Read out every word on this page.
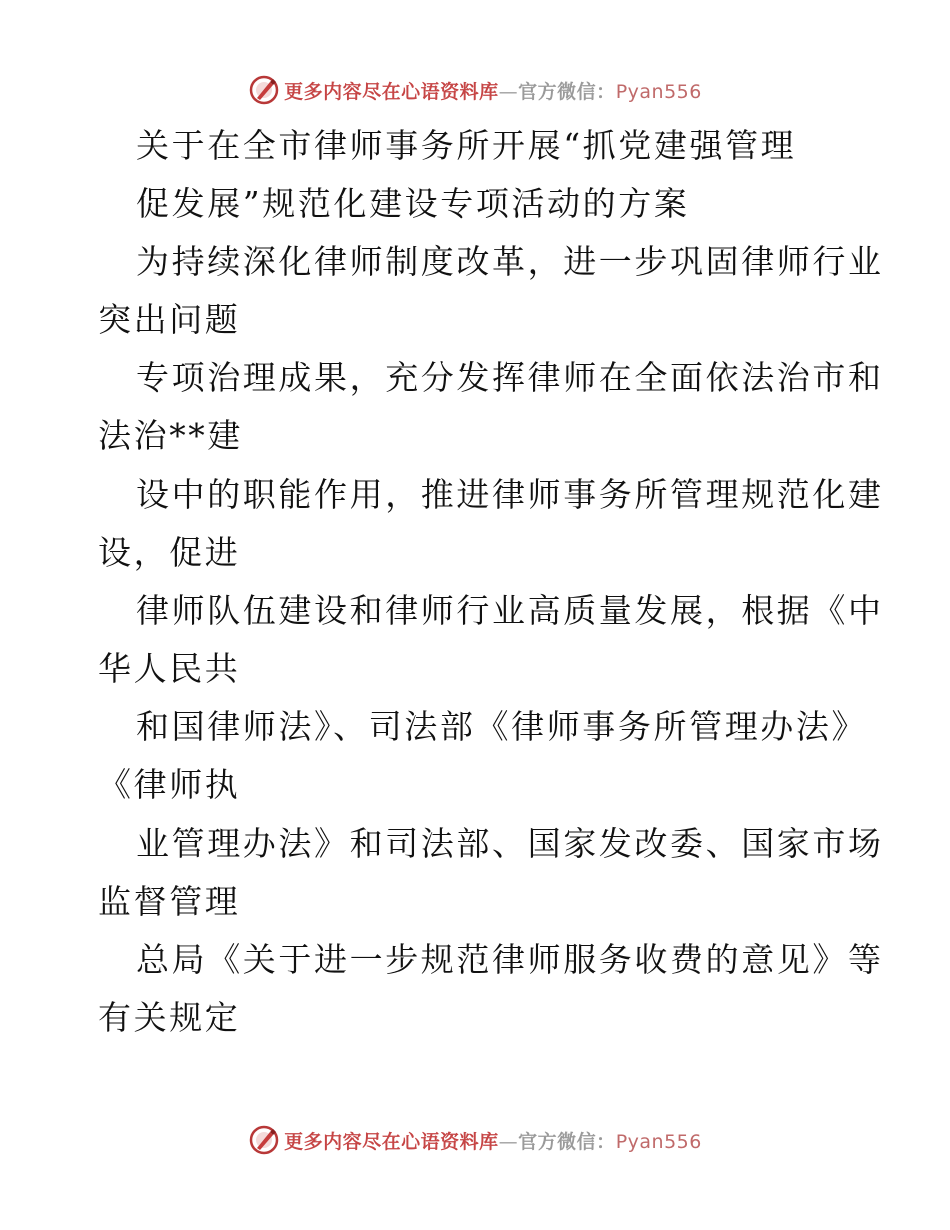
更多内容尽在心语资料库—官方微信：Pyan556
关于在全市律师事务所开展“抓党建强管理
促发展”规范化建设专项活动的方案
为持续深化律师制度改革，进一步巩固律师行业
突出问题
专项治理成果，充分发挥律师在全面依法治市和
法治**建
设中的职能作用，推进律师事务所管理规范化建
设，促进
律师队伍建设和律师行业高质量发展，根据《中
华人民共
和国律师法》、司法部《律师事务所管理办法》
《律师执
业管理办法》和司法部、国家发改委、国家市场
监督管理
总局《关于进一步规范律师服务收费的意见》等
有关规定
更多内容尽在心语资料库—官方微信：Pyan556
